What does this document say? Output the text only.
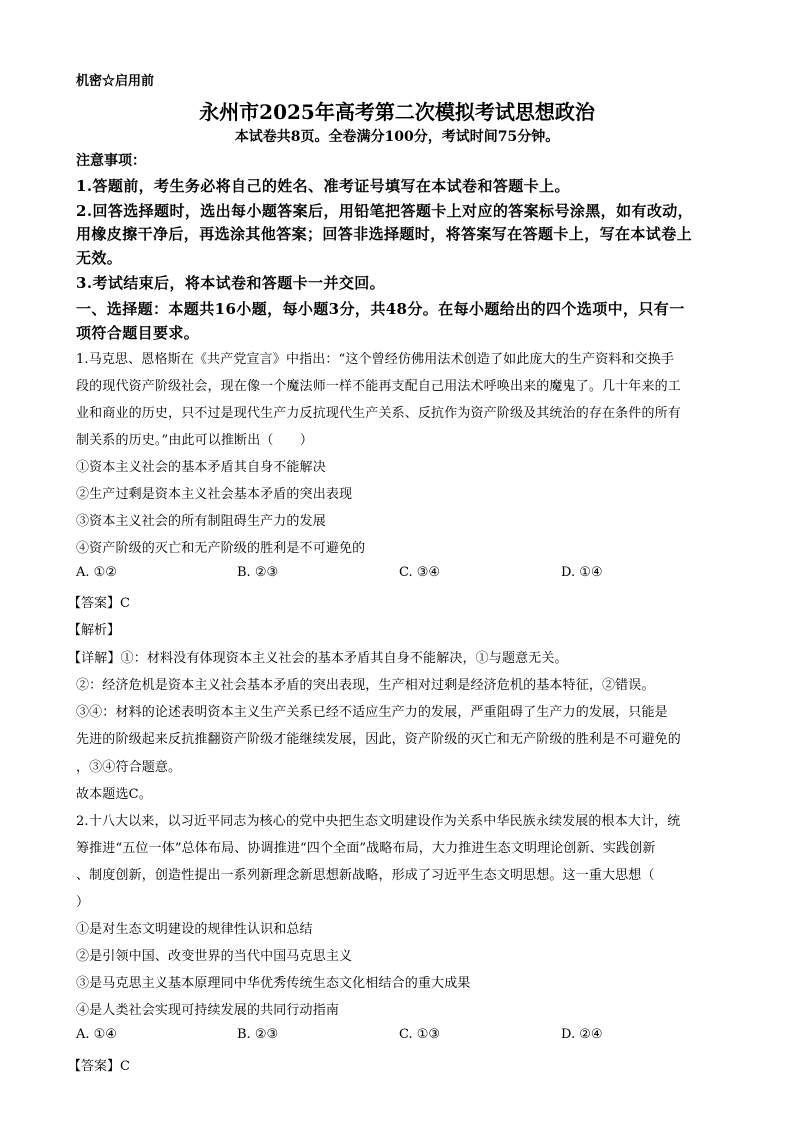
机密☆启用前
永州市2025年高考第二次模拟考试思想政治
本试卷共8页。全卷满分100分，考试时间75分钟。
注意事项：
1.答题前，考生务必将自己的姓名、准考证号填写在本试卷和答题卡上。
2.回答选择题时，选出每小题答案后，用铅笔把答题卡上对应的答案标号涂黑，如有改动，
用橡皮擦干净后，再选涂其他答案；回答非选择题时，将答案写在答题卡上，写在本试卷上
无效。
3.考试结束后，将本试卷和答题卡一并交回。
一、选择题：本题共16小题，每小题3分，共48分。在每小题给出的四个选项中，只有一
项符合题目要求。
1.马克思、恩格斯在《共产党宣言》中指出：“这个曾经仿佛用法术创造了如此庞大的生产资料和交换手
段的现代资产阶级社会，现在像一个魔法师一样不能再支配自己用法术呼唤出来的魔鬼了。几十年来的工
业和商业的历史，只不过是现代生产力反抗现代生产关系、反抗作为资产阶级及其统治的存在条件的所有
制关系的历史。”由此可以推断出（　　）
①资本主义社会的基本矛盾其自身不能解决
②生产过剩是资本主义社会基本矛盾的突出表现
③资本主义社会的所有制阻碍生产力的发展
④资产阶级的灭亡和无产阶级的胜利是不可避免的
A. ①②	B. ②③	C. ③④	D. ①④
【答案】C
【解析】
【详解】①：材料没有体现资本主义社会的基本矛盾其自身不能解决，①与题意无关。
②：经济危机是资本主义社会基本矛盾的突出表现，生产相对过剩是经济危机的基本特征，②错误。
③④：材料的论述表明资本主义生产关系已经不适应生产力的发展，严重阻碍了生产力的发展，只能是
先进的阶级起来反抗推翻资产阶级才能继续发展，因此，资产阶级的灭亡和无产阶级的胜利是不可避免的
，③④符合题意。
故本题选C。
2.十八大以来，以习近平同志为核心的党中央把生态文明建设作为关系中华民族永续发展的根本大计，统
筹推进“五位一体”总体布局、协调推进“四个全面”战略布局，大力推进生态文明理论创新、实践创新
、制度创新，创造性提出一系列新理念新思想新战略，形成了习近平生态文明思想。这一重大思想（
）
①是对生态文明建设的规律性认识和总结
②是引领中国、改变世界的当代中国马克思主义
③是马克思主义基本原理同中华优秀传统生态文化相结合的重大成果
④是人类社会实现可持续发展的共同行动指南
A. ①④	B. ②③	C. ①③	D. ②④
【答案】C
